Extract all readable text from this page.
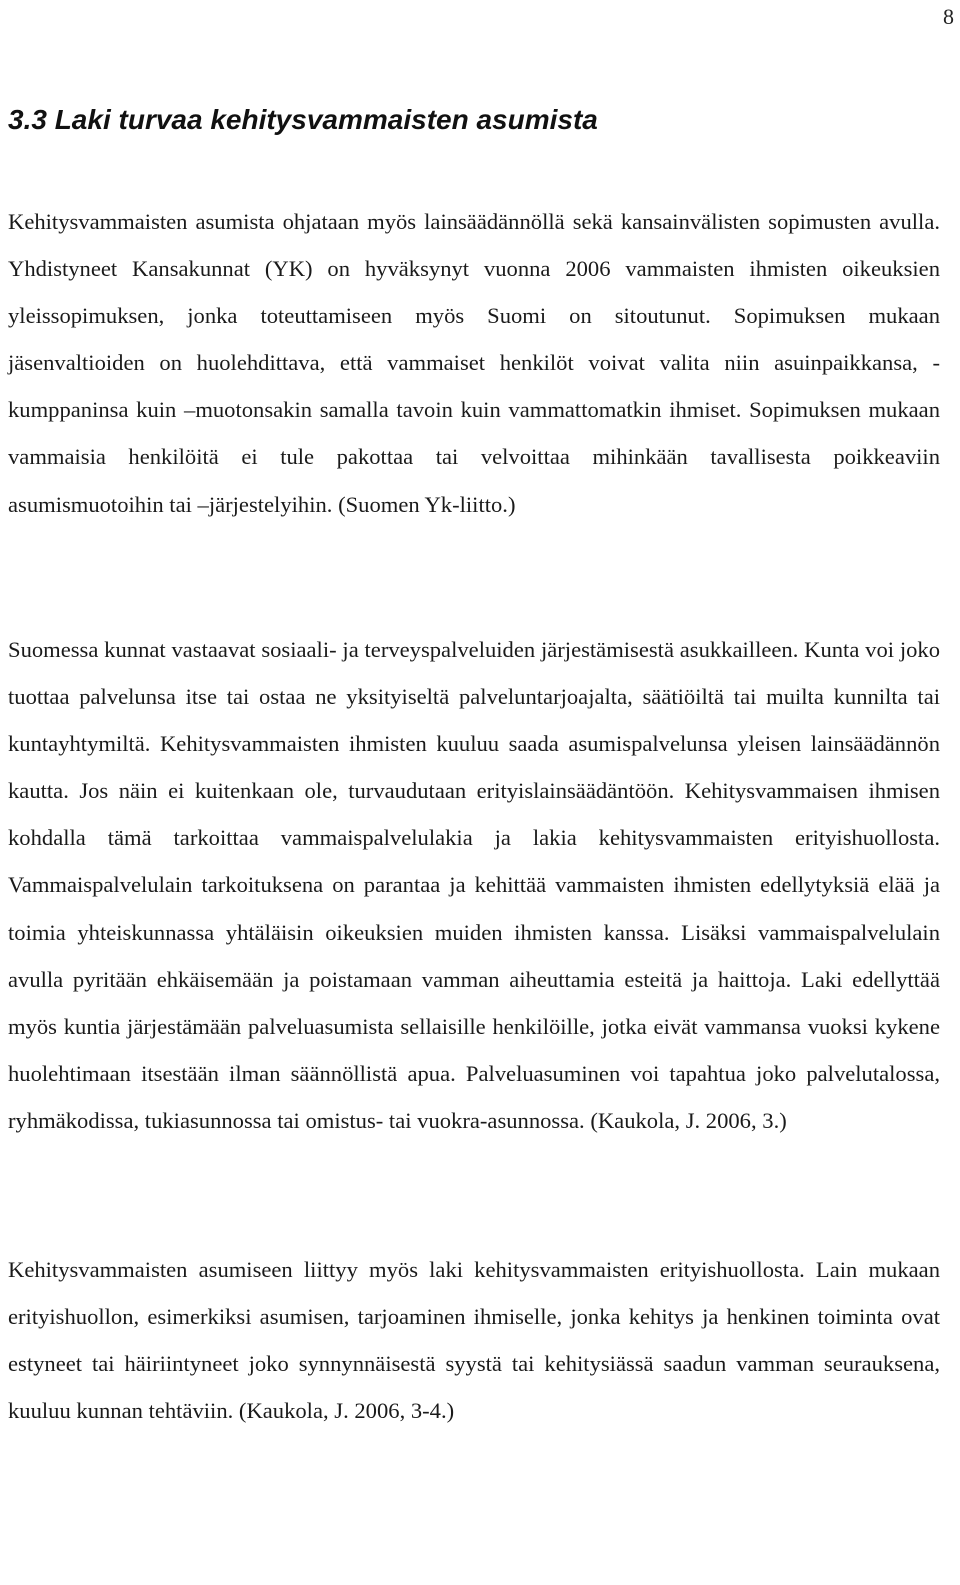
8
3.3 Laki turvaa kehitysvammaisten asumista

Kehitysvammaisten asumista ohjataan myös lainsäädännöllä sekä kansainvälisten sopimusten avulla. Yhdistyneet Kansakunnat (YK) on hyväksynyt vuonna 2006 vammaisten ihmisten oikeuksien yleissopimuksen, jonka toteuttamiseen myös Suomi on sitoutunut. Sopimuksen mukaan jäsenvaltioiden on huolehdittava, että vammaiset henkilöt voivat valita niin asuinpaikkansa, -kumppaninsa kuin –muotonsakin samalla tavoin kuin vammattomatkin ihmiset. Sopimuksen mukaan vammaisia henkilöitä ei tule pakottaa tai velvoittaa mihinkään tavallisesta poikkeaviin asumismuotoihin tai –järjestelyihin. (Suomen Yk-liitto.)

Suomessa kunnat vastaavat sosiaali- ja terveyspalveluiden järjestämisestä asukkailleen. Kunta voi joko tuottaa palvelunsa itse tai ostaa ne yksityiseltä palveluntarjoajalta, säätiöiltä tai muilta kunnilta tai kuntayhtymiltä. Kehitysvammaisten ihmisten kuuluu saada asumispalvelunsa yleisen lainsäädännön kautta. Jos näin ei kuitenkaan ole, turvaudutaan erityislainsäädäntöön. Kehitysvammaisen ihmisen kohdalla tämä tarkoittaa vammaispalvelulakia ja lakia kehitysvammaisten erityishuollosta. Vammaispalvelulain tarkoituksena on parantaa ja kehittää vammaisten ihmisten edellytyksiä elää ja toimia yhteiskunnassa yhtäläisin oikeuksien muiden ihmisten kanssa. Lisäksi vammaispalvelulain avulla pyritään ehkäisemään ja poistamaan vamman aiheuttamia esteitä ja haittoja. Laki edellyttää myös kuntia järjestämään palveluasumista sellaisille henkilöille, jotka eivät vammansa vuoksi kykene huolehtimaan itsestään ilman säännöllistä apua. Palveluasuminen voi tapahtua joko palvelutalossa, ryhmäkodissa, tukiasunnossa tai omistus- tai vuokra-asunnossa. (Kaukola, J. 2006, 3.)

Kehitysvammaisten asumiseen liittyy myös laki kehitysvammaisten erityishuollosta. Lain mukaan erityishuollon, esimerkiksi asumisen, tarjoaminen ihmiselle, jonka kehitys ja henkinen toiminta ovat estyneet tai häiriintyneet joko synnynnäisestä syystä tai kehitysiässä saadun vamman seurauksena, kuuluu kunnan tehtäviin. (Kaukola, J. 2006, 3-4.)
